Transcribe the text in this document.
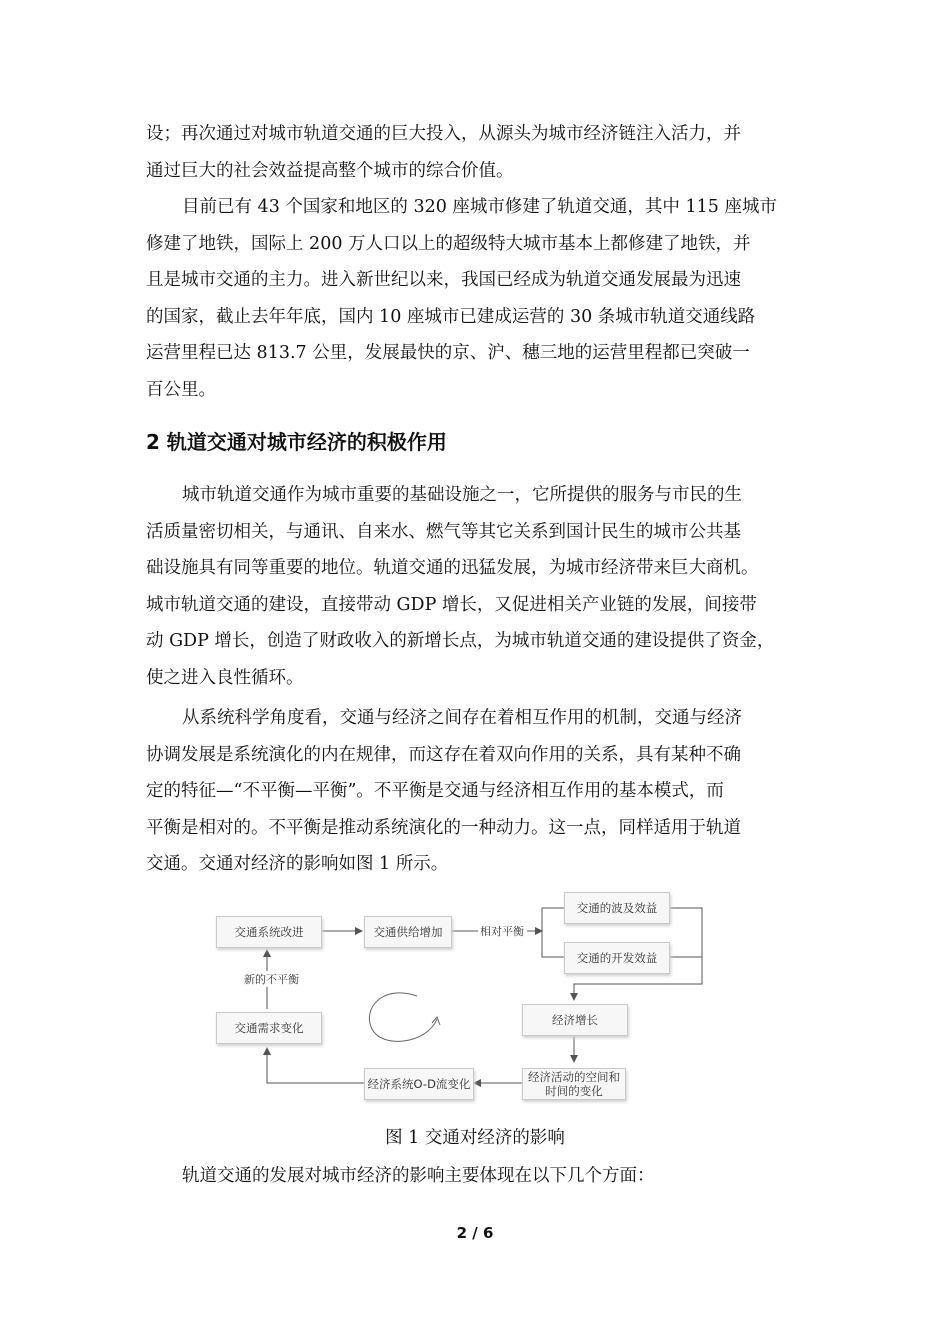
设；再次通过对城市轨道交通的巨大投入，从源头为城市经济链注入活力，并
通过巨大的社会效益提高整个城市的综合价值。

目前已有 43 个国家和地区的 320 座城市修建了轨道交通，其中 115 座城市
修建了地铁，国际上 200 万人口以上的超级特大城市基本上都修建了地铁，并
且是城市交通的主力。进入新世纪以来，我国已经成为轨道交通发展最为迅速
的国家，截止去年年底，国内 10 座城市已建成运营的 30 条城市轨道交通线路
运营里程已达 813.7 公里，发展最快的京、沪、穗三地的运营里程都已突破一
百公里。

2 轨道交通对城市经济的积极作用

城市轨道交通作为城市重要的基础设施之一，它所提供的服务与市民的生
活质量密切相关，与通讯、自来水、燃气等其它关系到国计民生的城市公共基
础设施具有同等重要的地位。轨道交通的迅猛发展，为城市经济带来巨大商机。
城市轨道交通的建设，直接带动 GDP 增长，又促进相关产业链的发展，间接带
动 GDP 增长，创造了财政收入的新增长点，为城市轨道交通的建设提供了资金，
使之进入良性循环。

从系统科学角度看，交通与经济之间存在着相互作用的机制，交通与经济
协调发展是系统演化的内在规律，而这存在着双向作用的关系，具有某种不确
定的特征—“不平衡—平衡”。不平衡是交通与经济相互作用的基本模式，而
平衡是相对的。不平衡是推动系统演化的一种动力。这一点，同样适用于轨道
交通。交通对经济的影响如图 1 所示。

交通系统改进	交通供给增加
交通的波及效益
交通的开发效益
经济增长
经济活动的空间和时间的变化
经济系统O-D流变化
交通需求变化
相对平衡
新的不平衡
图 1 交通对经济的影响
轨道交通的发展对城市经济的影响主要体现在以下几个方面：
2 / 6
